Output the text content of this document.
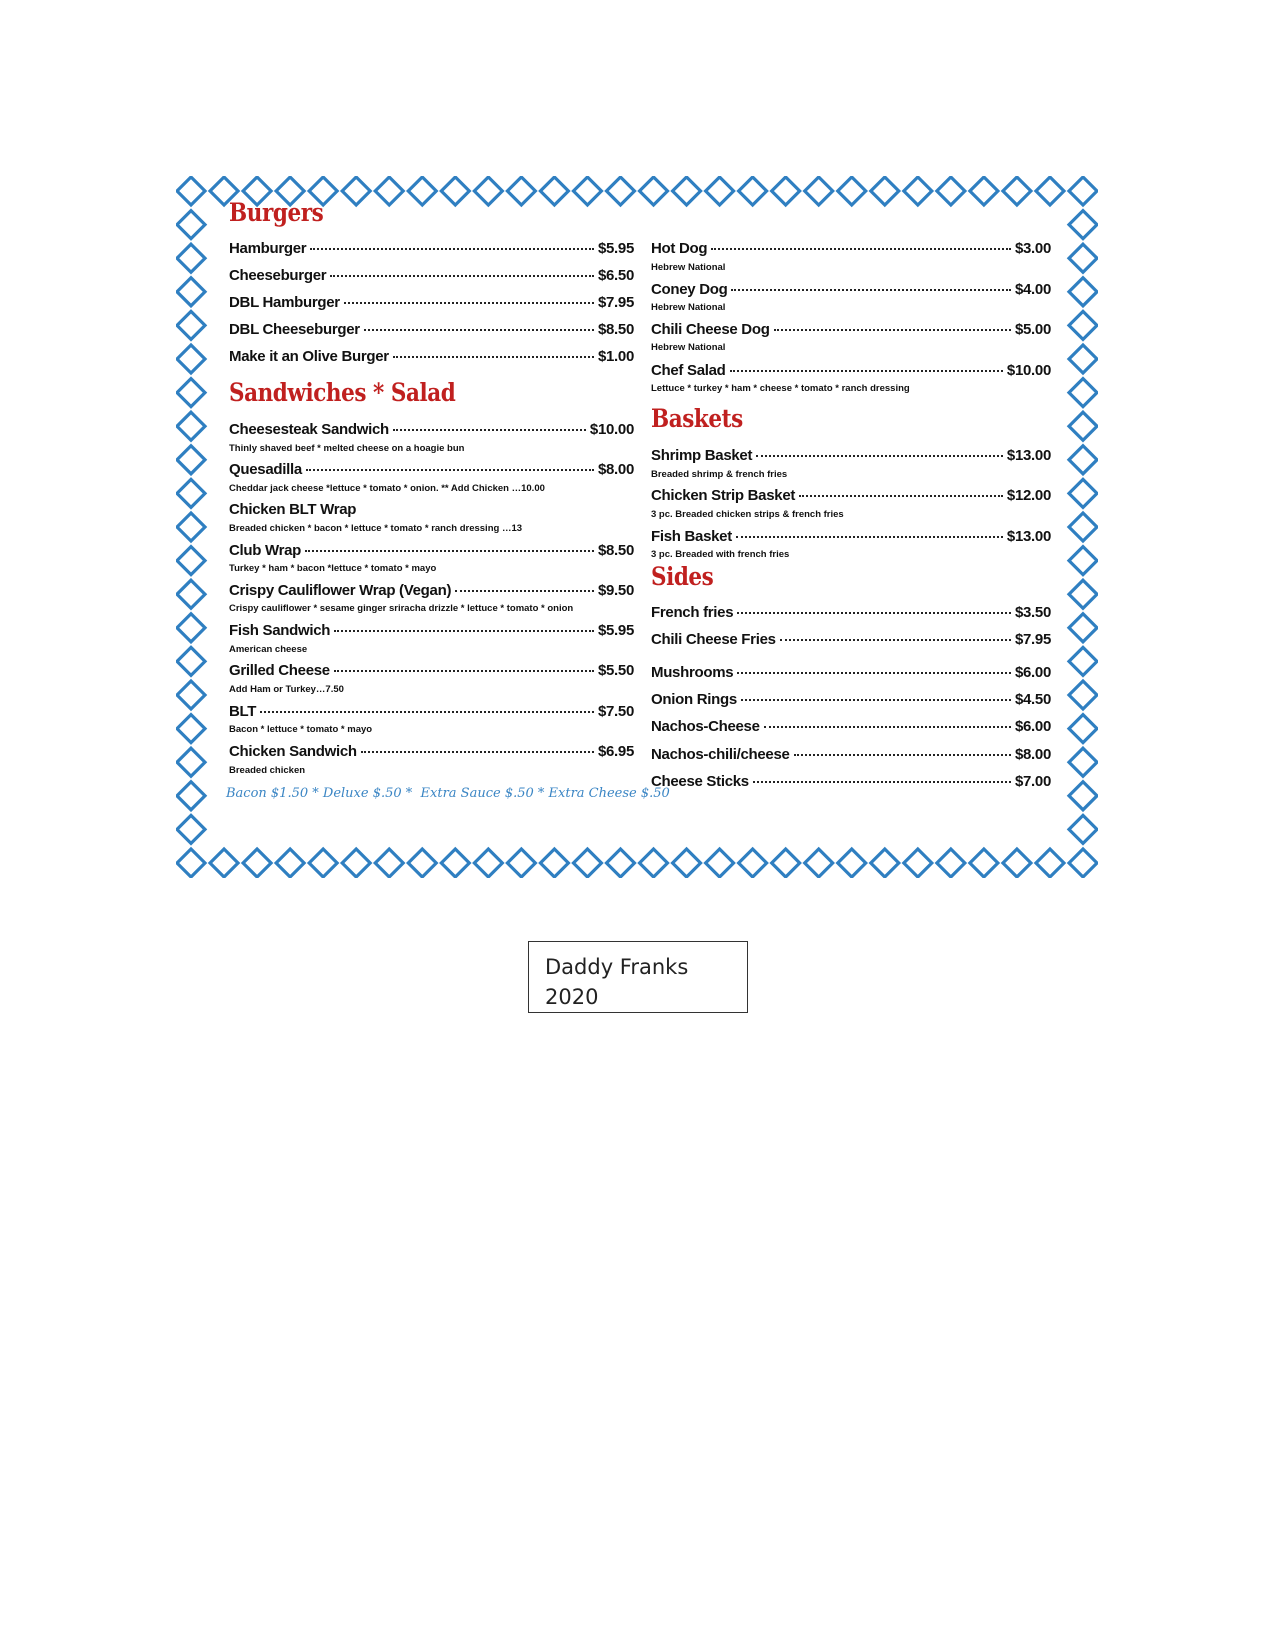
Burgers
Hamburger	$5.95
Cheeseburger	$6.50
DBL Hamburger	$7.95
DBL Cheeseburger	$8.50
Make it an Olive Burger	$1.00
Sandwiches * Salad
Cheesesteak Sandwich	$10.00
Thinly shaved beef * melted cheese on a hoagie bun
Quesadilla	$8.00
Cheddar jack cheese *lettuce * tomato * onion. ** Add Chicken …10.00
Chicken BLT Wrap
Breaded chicken * bacon * lettuce * tomato * ranch dressing …13
Club Wrap	$8.50
Turkey * ham * bacon *lettuce * tomato * mayo
Crispy Cauliflower Wrap (Vegan)	$9.50
Crispy cauliflower * sesame ginger sriracha drizzle * lettuce * tomato * onion
Fish Sandwich	$5.95
American cheese
Grilled Cheese	$5.50
Add Ham or Turkey…7.50
BLT	$7.50
Bacon * lettuce * tomato * mayo
Chicken Sandwich	$6.95
Breaded chicken
Bacon $1.50 * Deluxe $.50 *  Extra Sauce $.50 * Extra Cheese $.50
Hot Dog	$3.00
Hebrew National
Coney Dog	$4.00
Hebrew National
Chili Cheese Dog	$5.00
Hebrew National
Chef Salad	$10.00
Lettuce * turkey * ham * cheese * tomato * ranch dressing
Baskets
Shrimp Basket	$13.00
Breaded shrimp & french fries
Chicken Strip Basket	$12.00
3 pc. Breaded chicken strips & french fries
Fish Basket	$13.00
3 pc. Breaded with french fries
Sides
French fries	$3.50
Chili Cheese Fries	$7.95
Mushrooms	$6.00
Onion Rings	$4.50
Nachos-Cheese	$6.00
Nachos-chili/cheese	$8.00
Cheese Sticks	$7.00
Daddy Franks
2020
